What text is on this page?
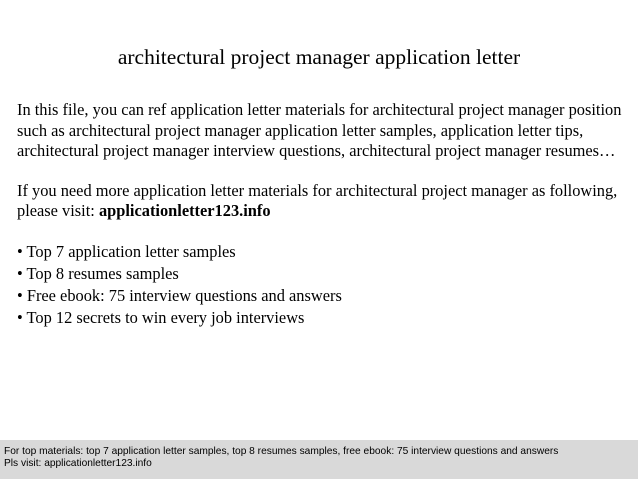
architectural project manager application letter

In this file, you can ref application letter materials for architectural project manager position such as architectural project manager application letter samples, application letter tips, architectural project manager interview questions, architectural project manager resumes…

If you need more application letter materials for architectural project manager as following, please visit: applicationletter123.info

• Top 7 application letter samples
• Top 8 resumes samples
• Free ebook: 75 interview questions and answers
• Top 12 secrets to win every job interviews
For top materials: top 7 application letter samples, top 8 resumes samples, free ebook: 75 interview questions and answers
Pls visit: applicationletter123.info
